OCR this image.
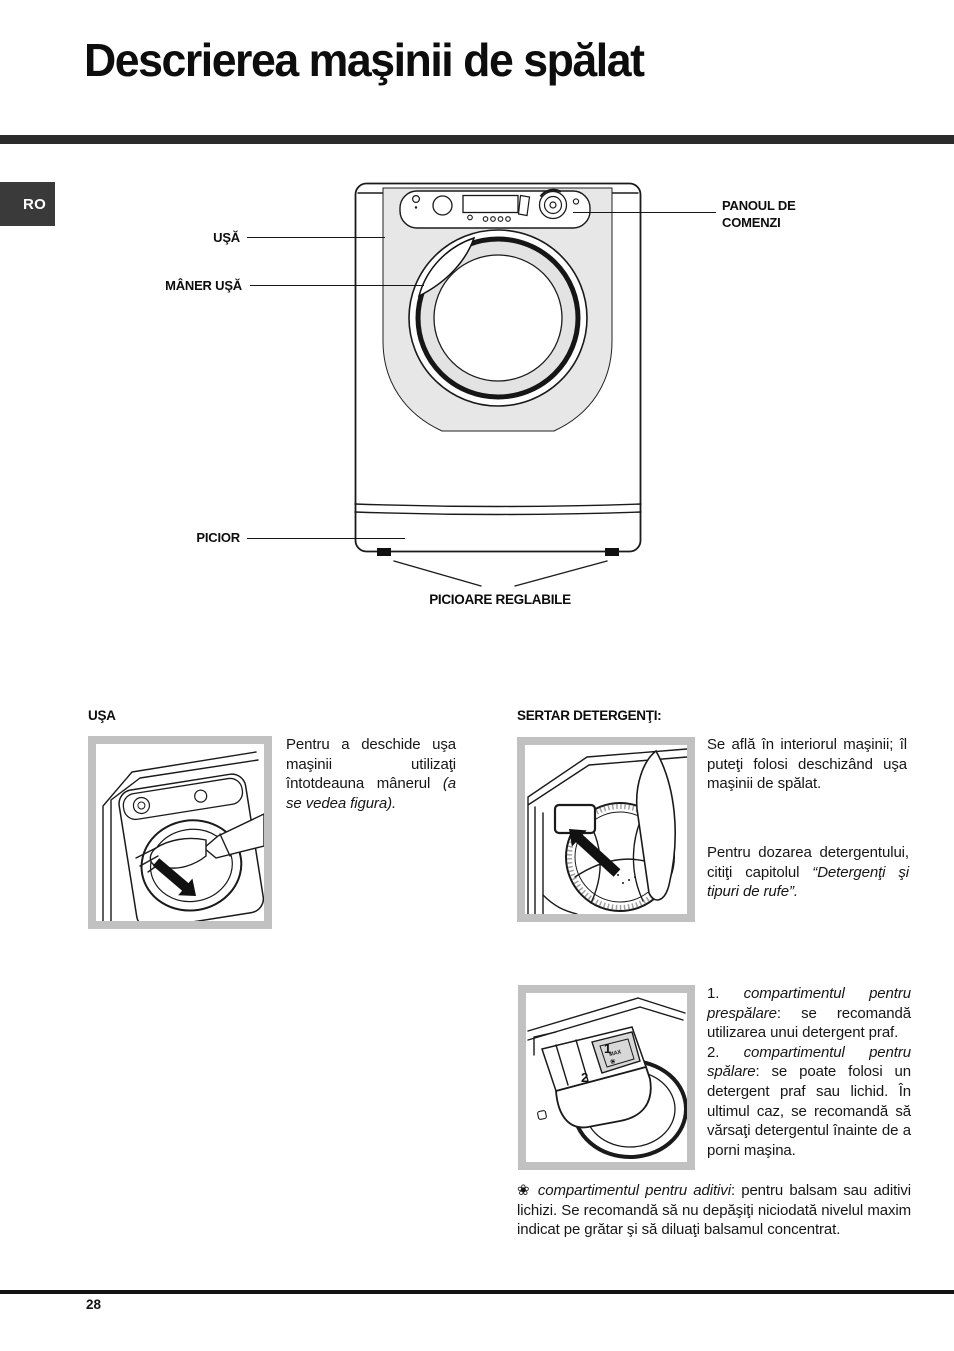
Descrierea maşinii de spălat
RO
UŞĂ
MÂNER UŞĂ
PICIOR
PANOUL DE COMENZI
PICIOARE REGLABILE
UŞA
Pentru a deschide uşa maşinii utilizaţi întotdeauna mânerul (a se vedea figura).
SERTAR DETERGENŢI:
Se află în interiorul maşinii; îl puteţi folosi deschizând uşa maşinii de spălat.
Pentru dozarea detergentului, citiţi capitolul “Detergenţi şi tipuri de rufe”.
1
2
MAX
❀
1. compartimentul pentru prespălare: se recomandă utilizarea unui detergent praf.
2. compartimentul pentru spălare: se poate folosi un detergent praf sau lichid. În ultimul caz, se recomandă să vărsaţi detergentul înainte de a porni maşina.
❀ compartimentul pentru aditivi: pentru balsam sau aditivi lichizi. Se recomandă să nu depăşiţi niciodată nivelul maxim indicat pe grătar şi să diluaţi balsamul concentrat.
28
